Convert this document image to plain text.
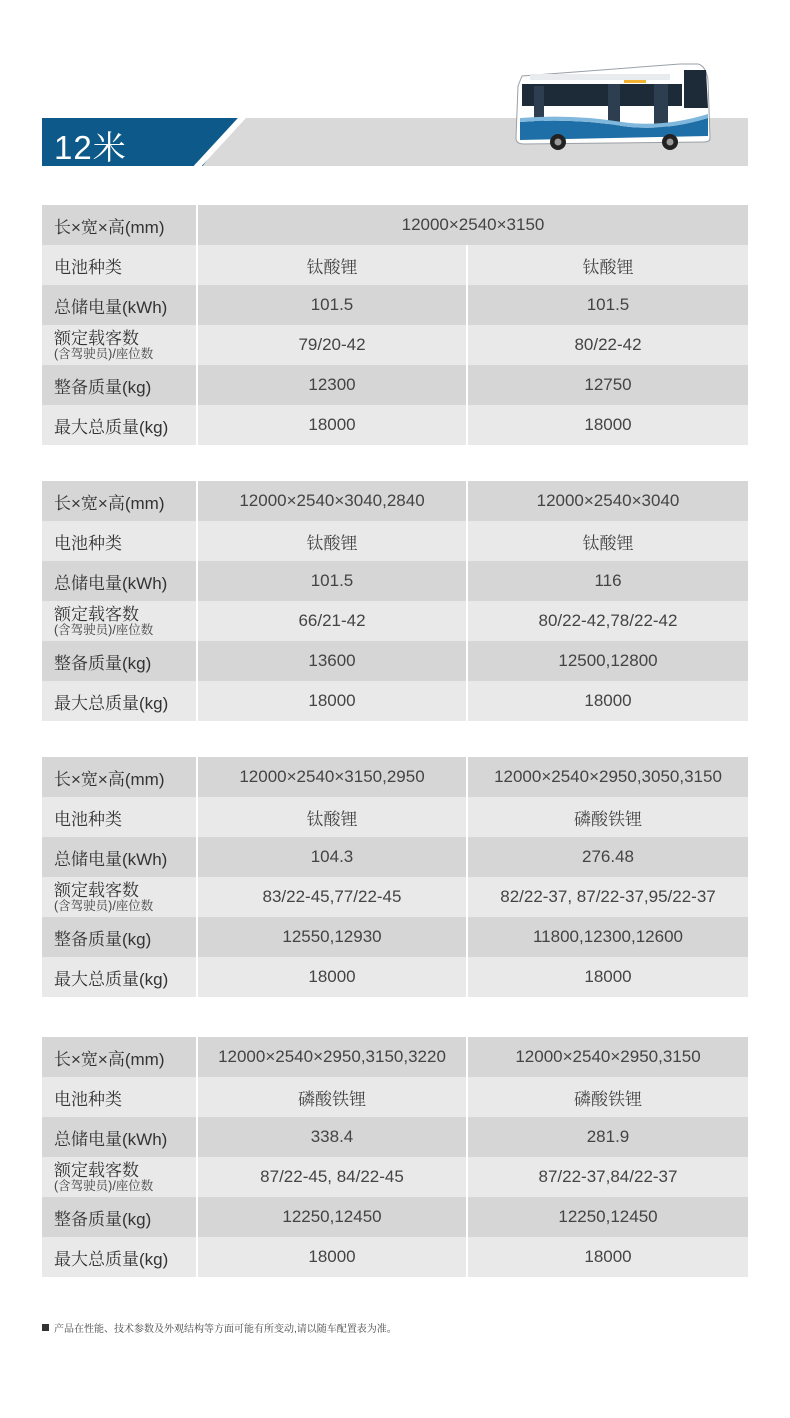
12米
长×宽×高(mm)	12000×2540×3150
电池种类	钛酸锂	钛酸锂
总储电量(kWh)	101.5	101.5
额定载客数
(含驾驶员)/座位数	79/20-42	80/22-42
整备质量(kg)	12300	12750
最大总质量(kg)	18000	18000
长×宽×高(mm)	12000×2540×3040,2840	12000×2540×3040
电池种类	钛酸锂	钛酸锂
总储电量(kWh)	101.5	116
额定载客数
(含驾驶员)/座位数	66/21-42	80/22-42,78/22-42
整备质量(kg)	13600	12500,12800
最大总质量(kg)	18000	18000
长×宽×高(mm)	12000×2540×3150,2950	12000×2540×2950,3050,3150
电池种类	钛酸锂	磷酸铁锂
总储电量(kWh)	104.3	276.48
额定载客数
(含驾驶员)/座位数	83/22-45,77/22-45	82/22-37, 87/22-37,95/22-37
整备质量(kg)	12550,12930	11800,12300,12600
最大总质量(kg)	18000	18000
长×宽×高(mm)	12000×2540×2950,3150,3220	12000×2540×2950,3150
电池种类	磷酸铁锂	磷酸铁锂
总储电量(kWh)	338.4	281.9
额定载客数
(含驾驶员)/座位数	87/22-45, 84/22-45	87/22-37,84/22-37
整备质量(kg)	12250,12450	12250,12450
最大总质量(kg)	18000	18000
产品在性能、技术参数及外观结构等方面可能有所变动,请以随车配置表为准。
